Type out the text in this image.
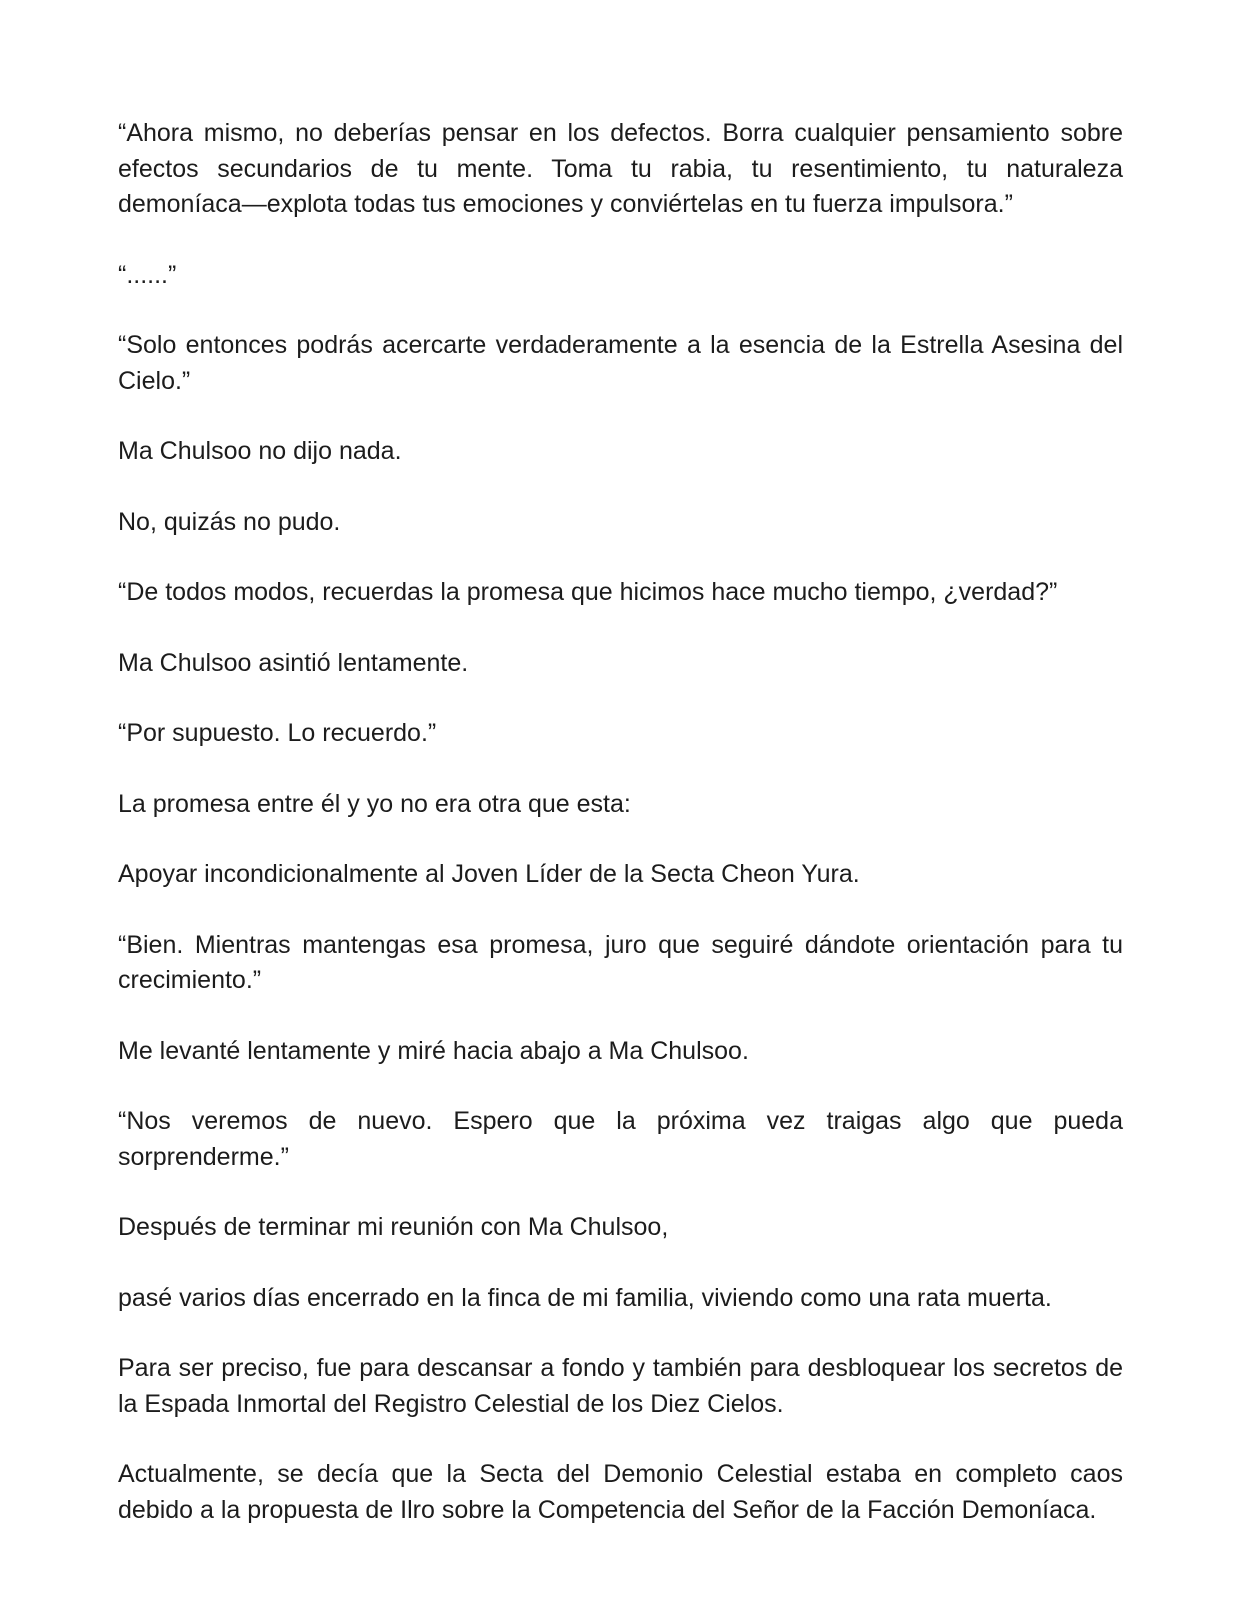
“Ahora mismo, no deberías pensar en los defectos. Borra cualquier pensamiento sobre efectos secundarios de tu mente. Toma tu rabia, tu resentimiento, tu naturaleza demoníaca—explota todas tus emociones y conviértelas en tu fuerza impulsora.”

“......”

“Solo entonces podrás acercarte verdaderamente a la esencia de la Estrella Asesina del Cielo.”

Ma Chulsoo no dijo nada.

No, quizás no pudo.

“De todos modos, recuerdas la promesa que hicimos hace mucho tiempo, ¿verdad?”

Ma Chulsoo asintió lentamente.

“Por supuesto. Lo recuerdo.”

La promesa entre él y yo no era otra que esta:

Apoyar incondicionalmente al Joven Líder de la Secta Cheon Yura.

“Bien. Mientras mantengas esa promesa, juro que seguiré dándote orientación para tu crecimiento.”

Me levanté lentamente y miré hacia abajo a Ma Chulsoo.

“Nos veremos de nuevo. Espero que la próxima vez traigas algo que pueda sorprenderme.”

Después de terminar mi reunión con Ma Chulsoo,

pasé varios días encerrado en la finca de mi familia, viviendo como una rata muerta.

Para ser preciso, fue para descansar a fondo y también para desbloquear los secretos de la Espada Inmortal del Registro Celestial de los Diez Cielos.

Actualmente, se decía que la Secta del Demonio Celestial estaba en completo caos debido a la propuesta de Ilro sobre la Competencia del Señor de la Facción Demoníaca.
